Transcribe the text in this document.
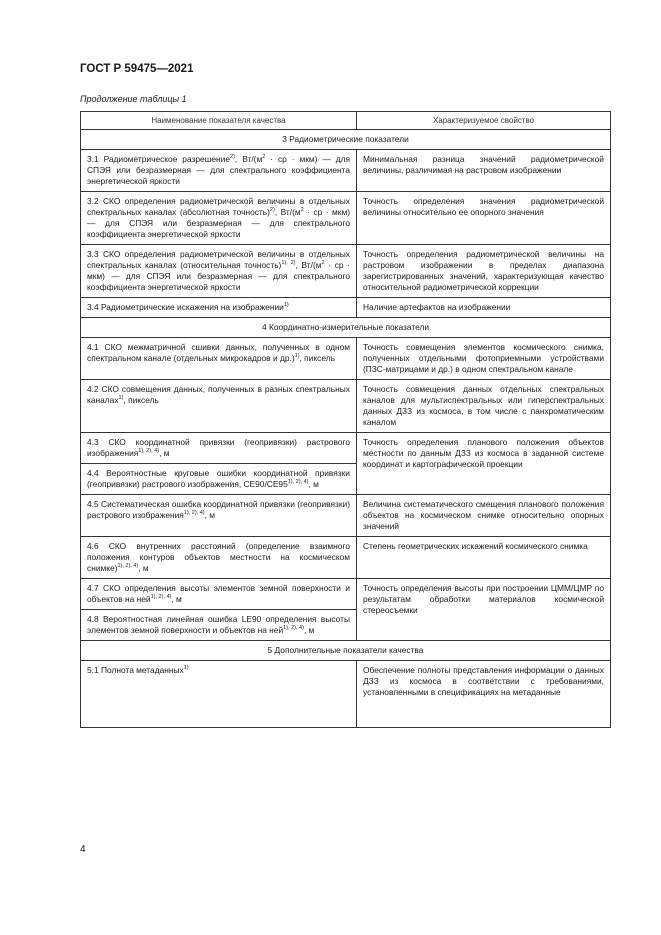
ГОСТ Р 59475—2021

Продолжение таблицы 1

Наименование показателя качества	Характеризуемое свойство
3 Радиометрические показатели	
3.1 Радиометрическое разрешение$^{2)}$, $Вт/(м^2$ · ср · мкм) — для СПЭЯ или безразмерная — для спектрального коэффициента энергетической яркости	Минимальная разница значений радиометрической величины, различимая на растровом изображении
3.2 СКО определения радиометрической величины в отдельных спектральных каналах (абсолютная точность)$^{2)}$, $Вт/(м^2$ · ср · мкм) — для СПЭЯ или безразмерная — для спектрального коэффициента энергетической яркости	Точность определения значения радиометрической величины относительно ее опорного значения
3.3 СКО определения радиометрической величины в отдельных спектральных каналах (относительная точность)$^{1), 2)}$, $Вт/(м^2$ · ср · мкм) — для СПЭЯ или безразмерная — для спектрального коэффициента энергетической яркости	Точность определения радиометрической величины на растровом изображении в пределах диапазона зарегистрированных значений, характеризующая качество относительной радиометрической коррекции
3.4 Радиометрические искажения на изображении$^{1)}$	Наличие артефактов на изображении
4 Координатно-измерительные показатели	
4.1 СКО межматричной сшивки данных, полученных в одном спектральном канале (отдельных микрокадров и др.)$^{1)}$, пиксель	Точность совмещения элементов космического снимка, полученных отдельными фотоприемными устройствами (ПЗС-матрицами и др.) в одном спектральном канале
4.2 СКО совмещения данных, полученных в разных спектральных каналах$^{1)}$, пиксель	Точность совмещения данных отдельных спектральных каналов для мультиспектральных или гиперспектральных данных ДЗЗ из космоса, в том числе с панхроматическим каналом
4.3 СКО координатной привязки (геопривязки) растрового изображения$^{1), 2), 4)}$, м	Точность определения планового положения объектов местности по данным ДЗЗ из космоса в заданной системе координат и картографической проекции
4.4 Вероятностные круговые ошибки координатной привязки (геопривязки) растрового изображения, $CE90/CE95^{1), 2), 4)}$, м	
4.5 Систематическая ошибка координатной привязки (геопривязки) растрового изображения$^{1), 2), 4)}$, м	Величина систематического смещения планового положения объектов на космическом снимке относительно опорных значений
4.6 СКО внутренних расстояний (определение взаимного положения контуров объектов местности на космическом снимке)$^{1), 2), 4)}$, м	Степень геометрических искажений космического снимка
4.7 СКО определения высоты элементов земной поверхности и объектов на ней$^{1), 2), 4)}$, м	Точность определения высоты при построении ЦММ/ЦМР по результатам обработки материалов космической стереосъемки
4.8 Вероятностная линейная ошибка LE90 определения высоты элементов земной поверхности и объектов на ней$^{1), 2), 4)}$, м	
5 Дополнительные показатели качества	
5.1 Полнота метаданных$^{1)}$	Обеспечение полноты представления информации о данных ДЗЗ из космоса в соответствии с требованиями, установленными в спецификациях на метаданные

4
